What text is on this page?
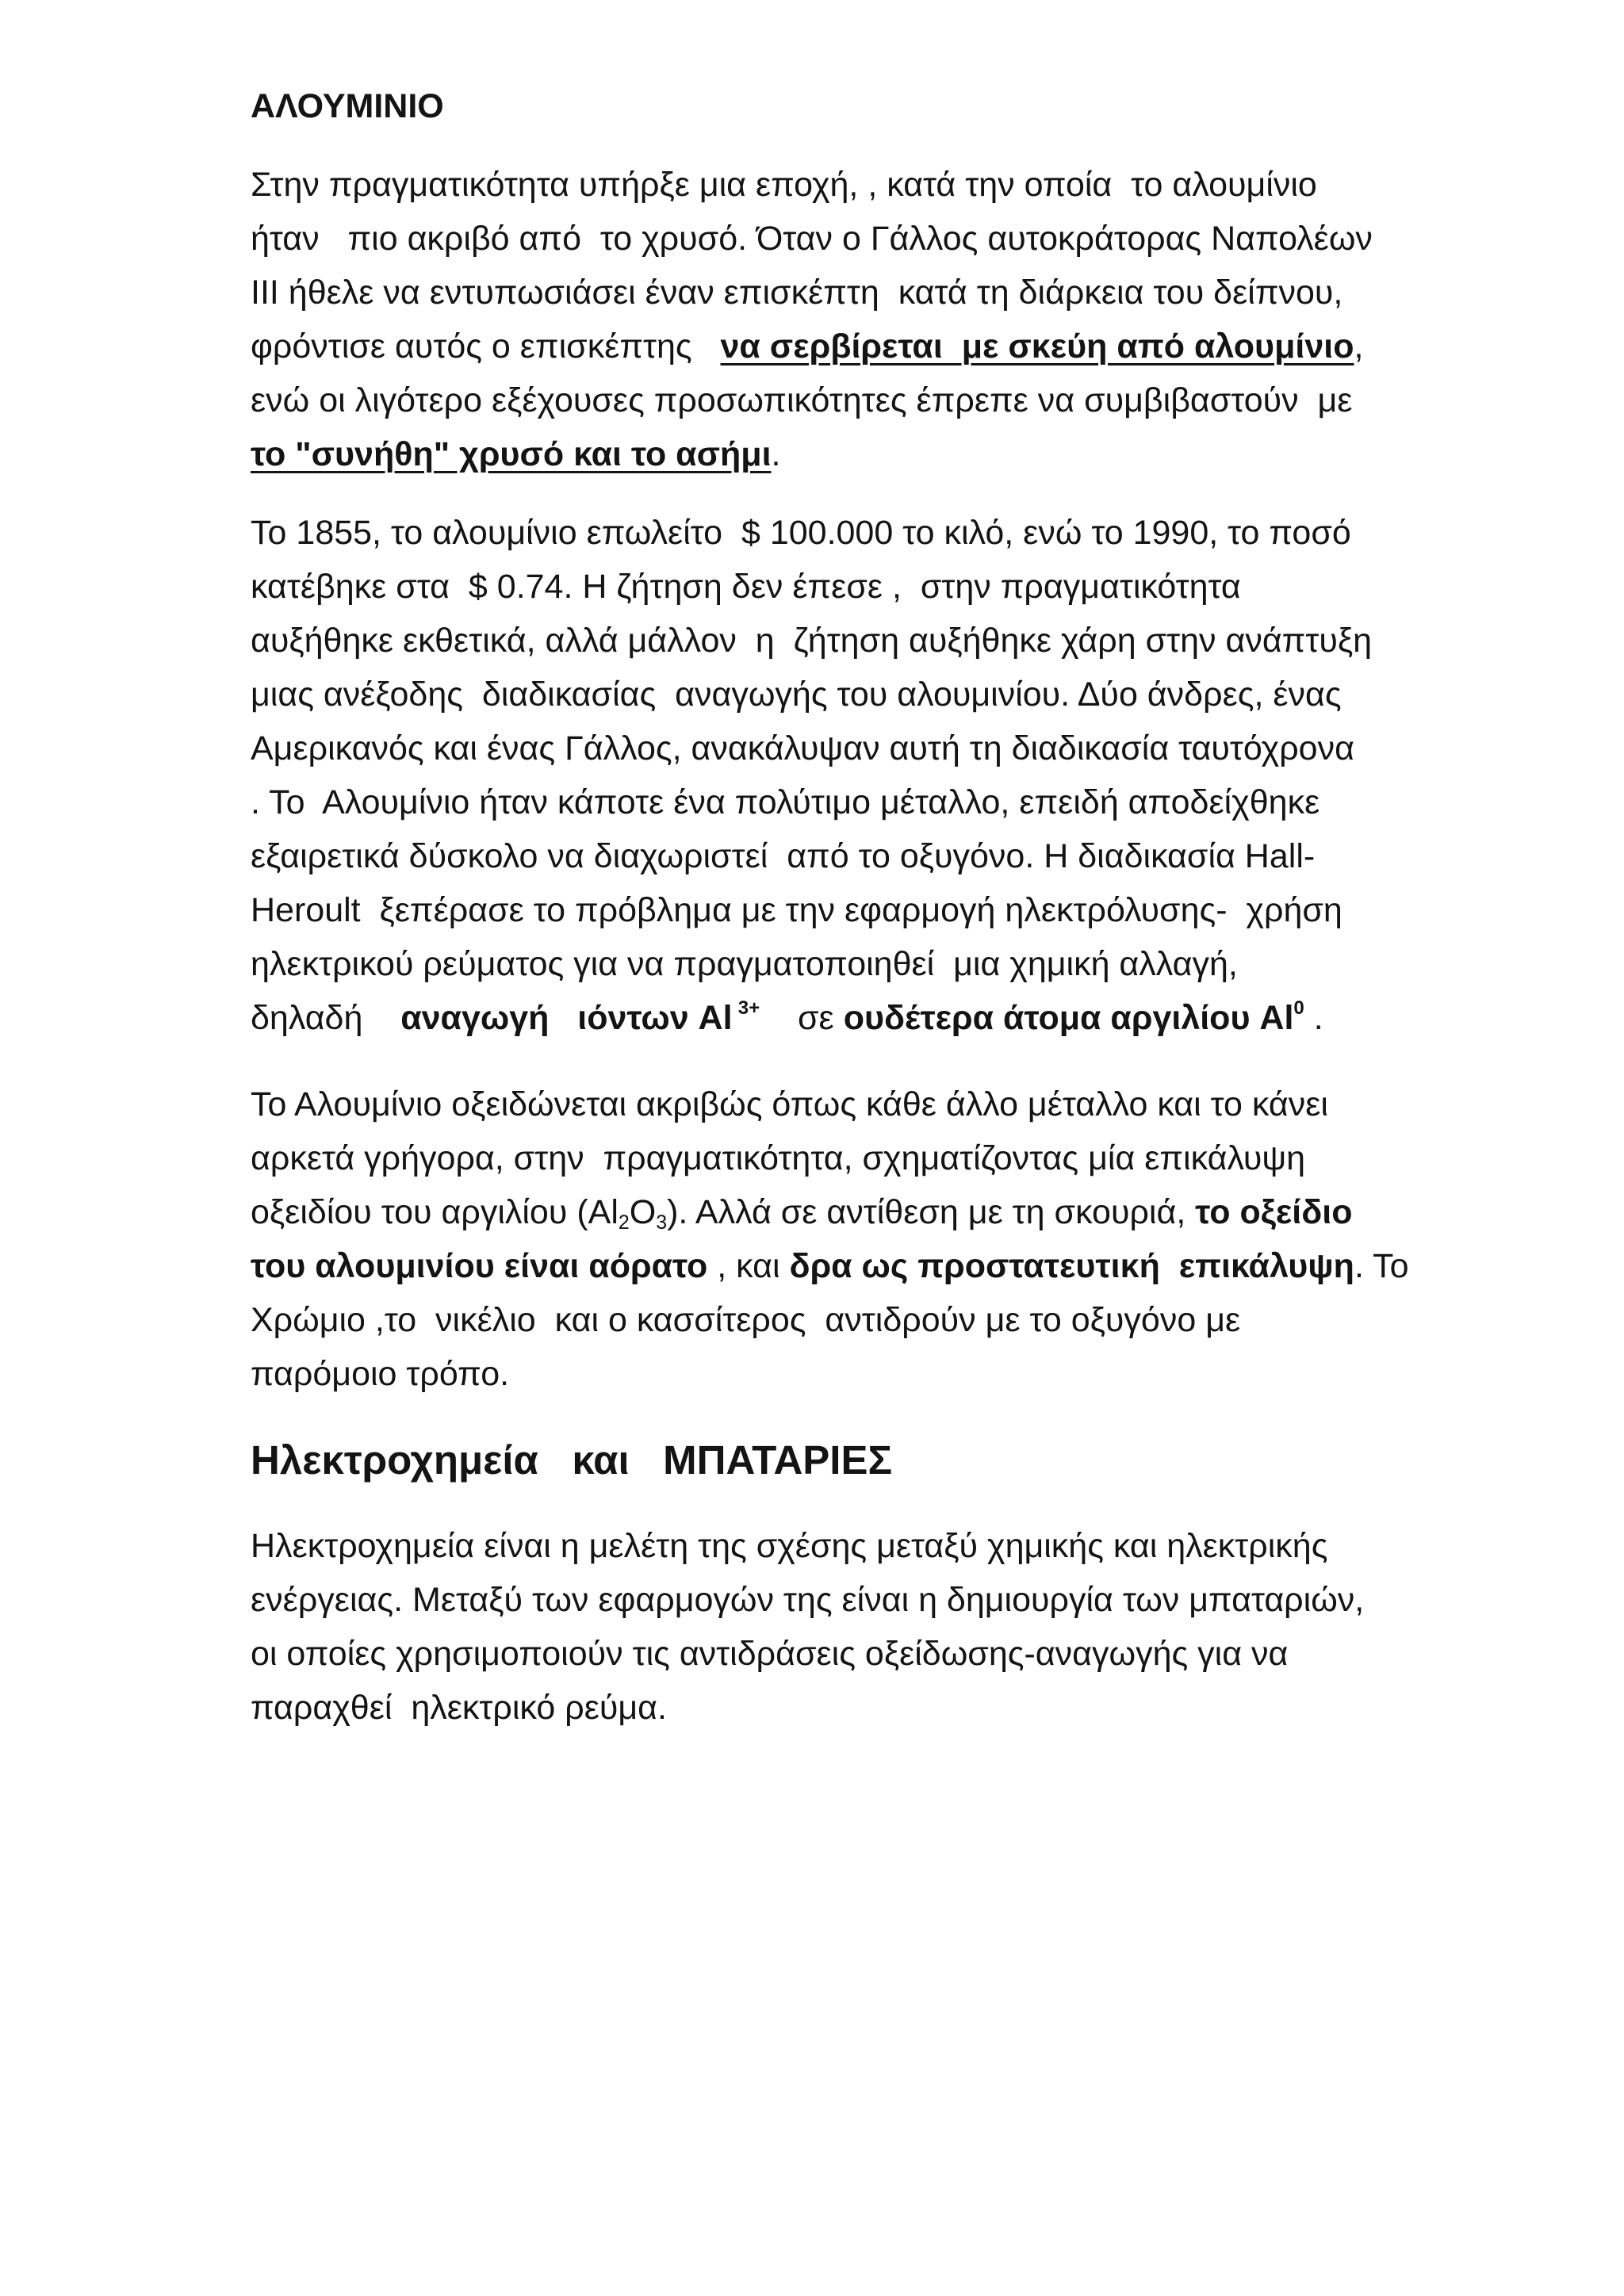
ΑΛΟΥΜΙΝΙΟ
Στην πραγματικότητα υπήρξε μια εποχή, , κατά την οποία  το αλουμίνιο
ήταν   πιο ακριβό από  το χρυσό. Όταν ο Γάλλος αυτοκράτορας Ναπολέων
III ήθελε να εντυπωσιάσει έναν επισκέπτη  κατά τη διάρκεια του δείπνου,
φρόντισε αυτός ο επισκέπτης   να σερβίρεται  με σκεύη από αλουμίνιο,
ενώ οι λιγότερο εξέχουσες προσωπικότητες έπρεπε να συμβιβαστούν  με
το "συνήθη" χρυσό και το ασήμι.
Το 1855, το αλουμίνιο επωλείτο  $ 100.000 το κιλό, ενώ το 1990, το ποσό
κατέβηκε στα  $ 0.74. Η ζήτηση δεν έπεσε ,  στην πραγματικότητα
αυξήθηκε εκθετικά, αλλά μάλλον  η  ζήτηση αυξήθηκε χάρη στην ανάπτυξη
μιας ανέξοδης  διαδικασίας  αναγωγής του αλουμινίου. Δύο άνδρες, ένας
Αμερικανός και ένας Γάλλος, ανακάλυψαν αυτή τη διαδικασία ταυτόχρονα
. Το  Αλουμίνιο ήταν κάποτε ένα πολύτιμο μέταλλο, επειδή αποδείχθηκε
εξαιρετικά δύσκολο να διαχωριστεί  από το οξυγόνο. Η διαδικασία Hall-
Heroult  ξεπέρασε το πρόβλημα με την εφαρμογή ηλεκτρόλυσης-  χρήση
ηλεκτρικού ρεύματος για να πραγματοποιηθεί  μια χημική αλλαγή,
δηλαδή    αναγωγή   ιόντων Al $^{3+}$    σε ουδέτερα άτομα αργιλίου Al$^0$ .
Το Αλουμίνιο οξειδώνεται ακριβώς όπως κάθε άλλο μέταλλο και το κάνει
αρκετά γρήγορα, στην  πραγματικότητα, σχηματίζοντας μία επικάλυψη
οξειδίου του αργιλίου (Al2O3). Αλλά σε αντίθεση με τη σκουριά, το οξείδιο
του αλουμινίου είναι αόρατο , και δρα ως προστατευτική  επικάλυψη. Το
Χρώμιο ,το  νικέλιο  και ο κασσίτερος  αντιδρούν με το οξυγόνο με
παρόμοιο τρόπο.
Ηλεκτροχημεία   και   ΜΠΑΤΑΡΙΕΣ
Ηλεκτροχημεία είναι η μελέτη της σχέσης μεταξύ χημικής και ηλεκτρικής
ενέργειας. Μεταξύ των εφαρμογών της είναι η δημιουργία των μπαταριών,
οι οποίες χρησιμοποιούν τις αντιδράσεις οξείδωσης-αναγωγής για να
παραχθεί  ηλεκτρικό ρεύμα.
